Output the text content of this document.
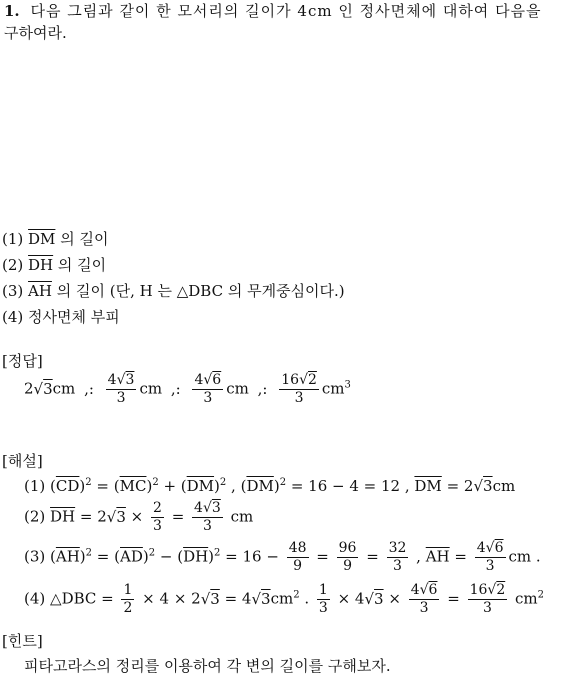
1. 다음 그림과 같이 한 모서리의 길이가 4cm 인 정사면체에 대하여 다음을
구하여라.
(1) $\overline{DM}$ 의 길이
(2) $\overline{DH}$ 의 길이
(3) $\overline{AH}$ 의 길이 (단, H 는 △DBC 의 무게중심이다.)
(4) 정사면체 부피
[정답]
2√3cm ,: $\frac{4√3}{3}$ cm ,: $\frac{4√6}{3}$ cm ,: $\frac{16√2}{3} cm^3$
[해설]
(1) $(\overline{CD})^2 = (\overline{MC})^2 + (\overline{DM})^2$ , $(\overline{DM})^2 = 16 - 4 = 12$ , $\overline{DM} = 2√3cm$
(2) $\overline{DH} = 2√3 \times \frac{2}{3} = \frac{4√3}{3}$ cm
(3) $(\overline{AH})^2 = (\overline{AD})^2 - (\overline{DH})^2 = 16 - \frac{48}{9} = \frac{96}{9} = \frac{32}{3}$ , $\overline{AH} = \frac{4√6}{3}$ cm .
(4) △DBC = $\frac{1}{2} \times 4 \times 2√3 = 4√3cm^2$ . $\frac{1}{3} \times 4√3 \times \frac{4√6}{3} = \frac{16√2}{3} cm^2$
[힌트]
피타고라스의 정리를 이용하여 각 변의 길이를 구해보자.
